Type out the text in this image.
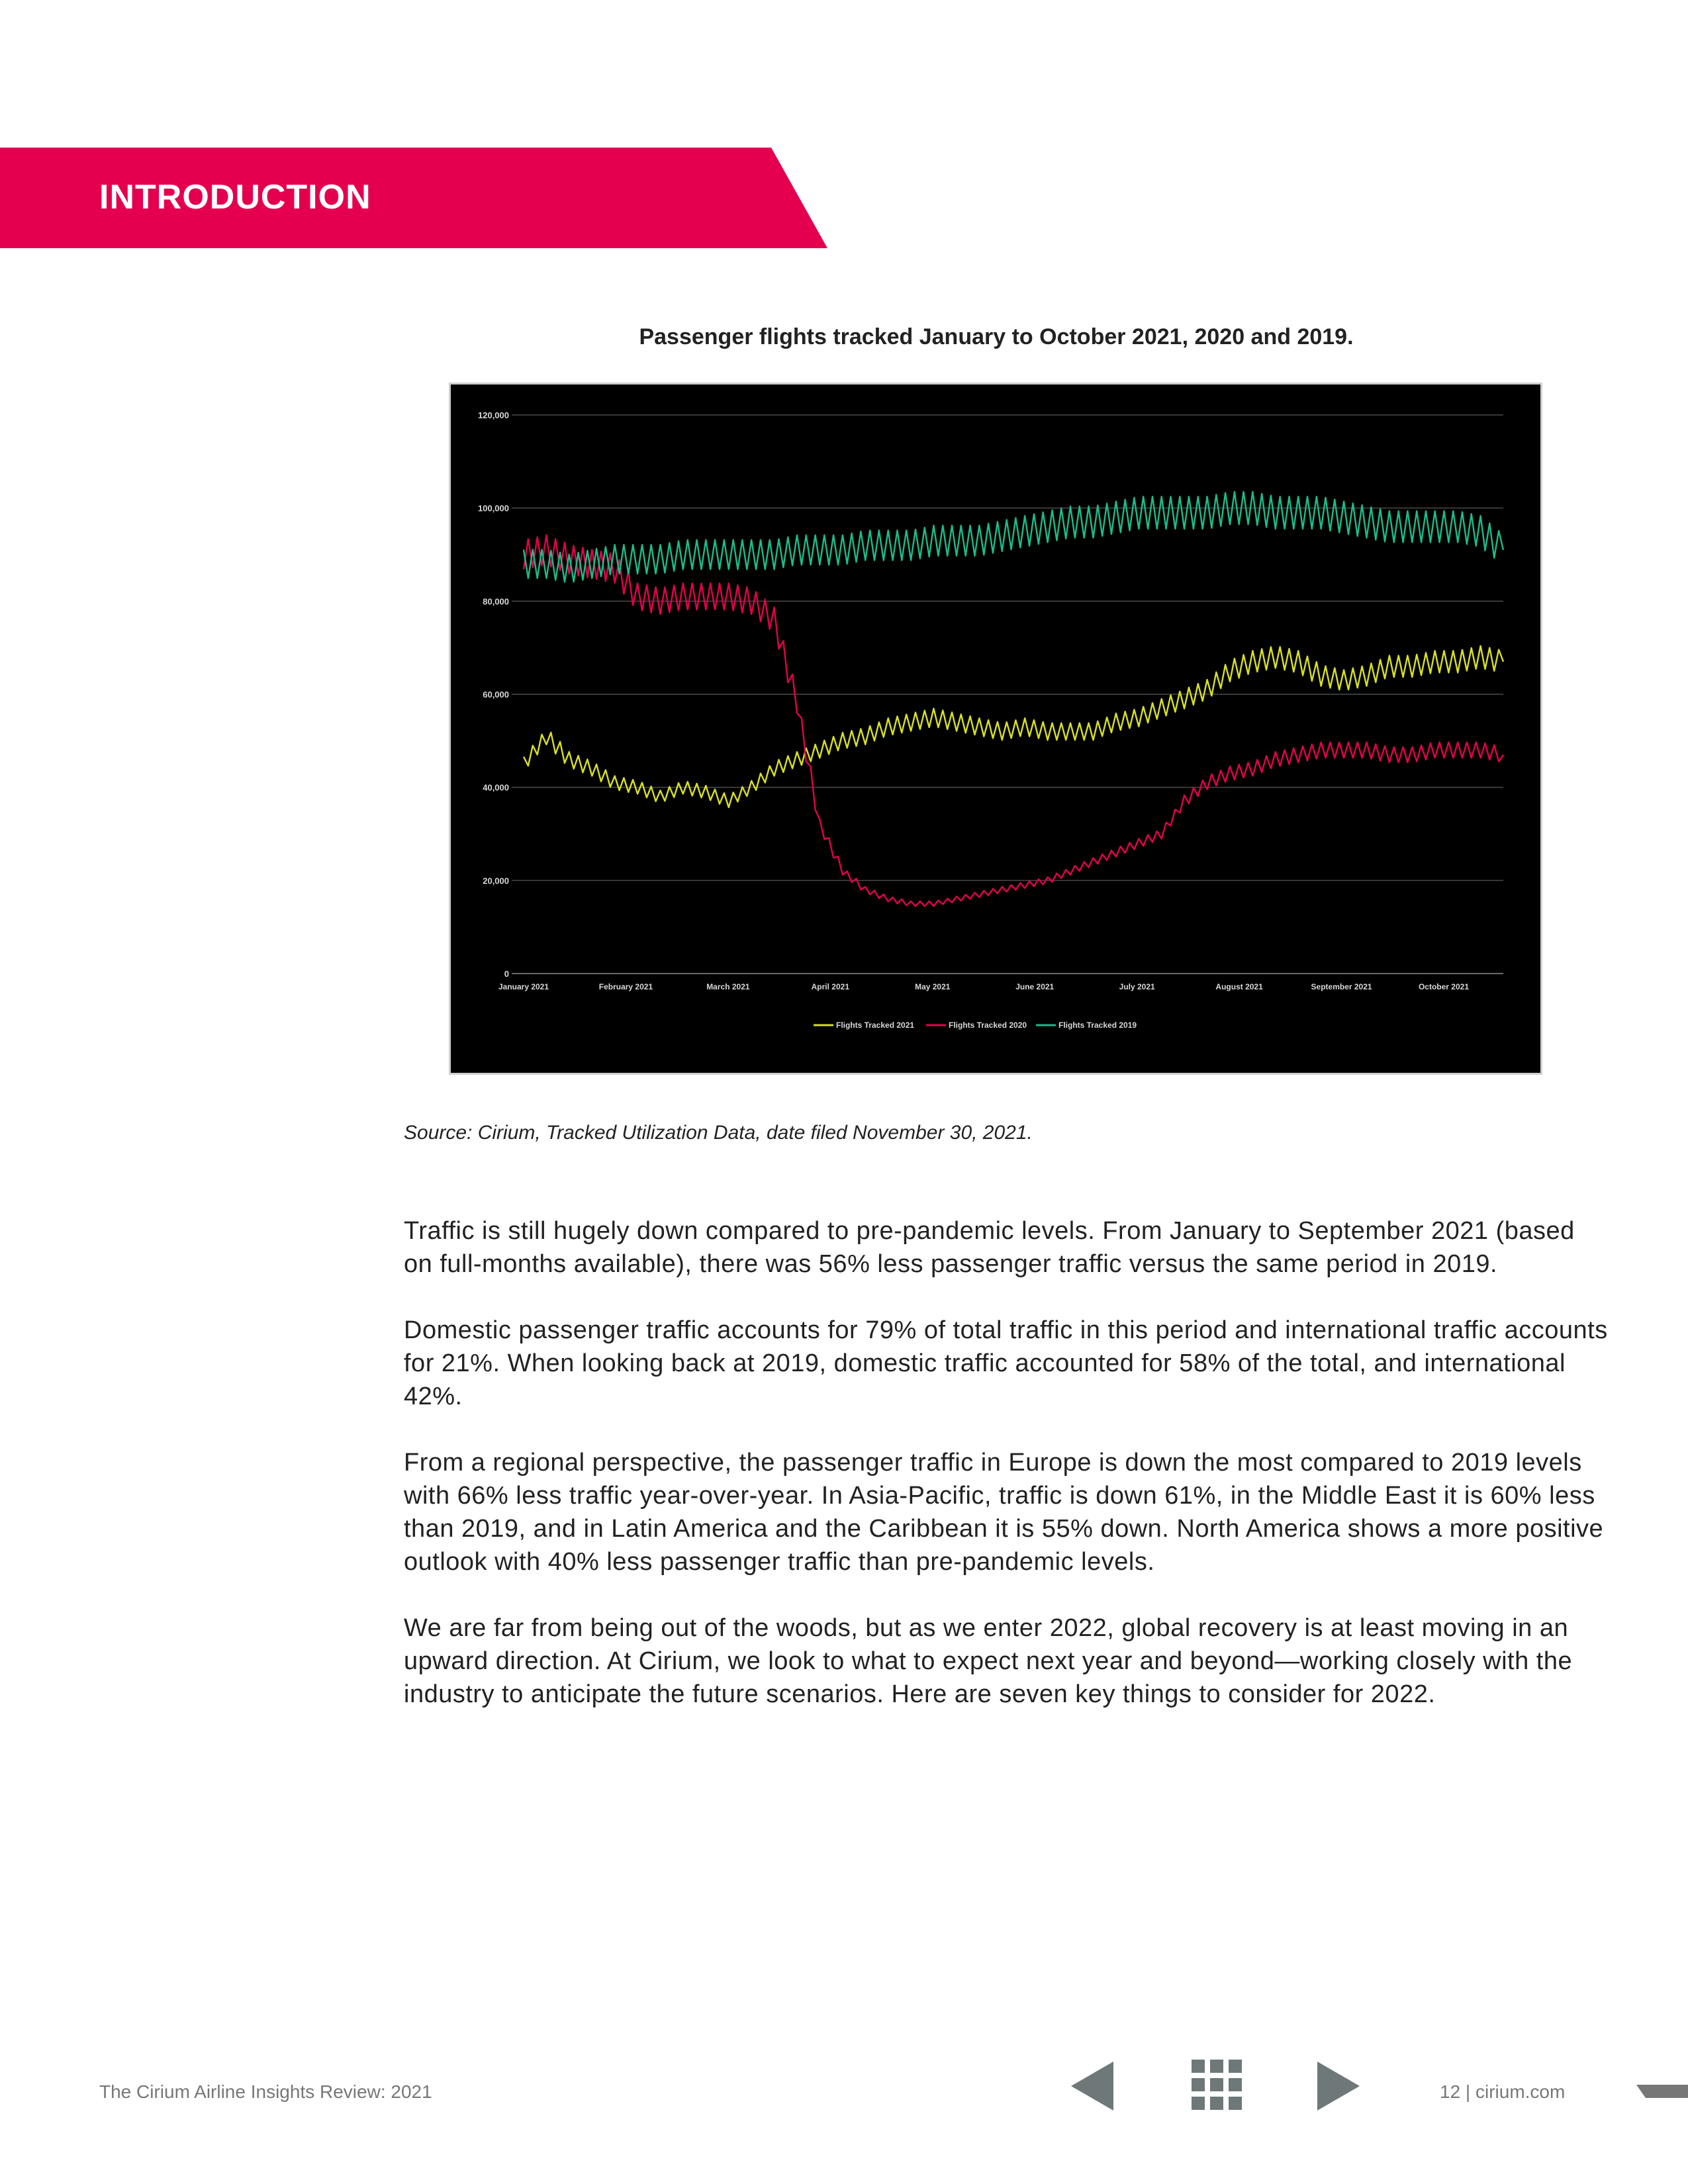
INTRODUCTION
Passenger flights tracked January to October 2021, 2020 and 2019.
0
20,000
40,000
60,000
80,000
100,000
120,000
January 2021	February 2021	March 2021	April 2021	May 2021	June 2021	July 2021	August 2021	September 2021	October 2021
Flights Tracked 2021	Flights Tracked 2020	Flights Tracked 2019
Source: Cirium, Tracked Utilization Data, date filed November 30, 2021.

Traffic is still hugely down compared to pre-pandemic levels. From January to September 2021 (based on full-months available), there was 56% less passenger traffic versus the same period in 2019.

Domestic passenger traffic accounts for 79% of total traffic in this period and international traffic accounts for 21%. When looking back at 2019, domestic traffic accounted for 58% of the total, and international 42%.

From a regional perspective, the passenger traffic in Europe is down the most compared to 2019 levels with 66% less traffic year-over-year. In Asia-Pacific, traffic is down 61%, in the Middle East it is 60% less than 2019, and in Latin America and the Caribbean it is 55% down. North America shows a more positive outlook with 40% less passenger traffic than pre-pandemic levels.

We are far from being out of the woods, but as we enter 2022, global recovery is at least moving in an upward direction. At Cirium, we look to what to expect next year and beyond—working closely with the industry to anticipate the future scenarios. Here are seven key things to consider for 2022.

The Cirium Airline Insights Review: 2021	12 | cirium.com
